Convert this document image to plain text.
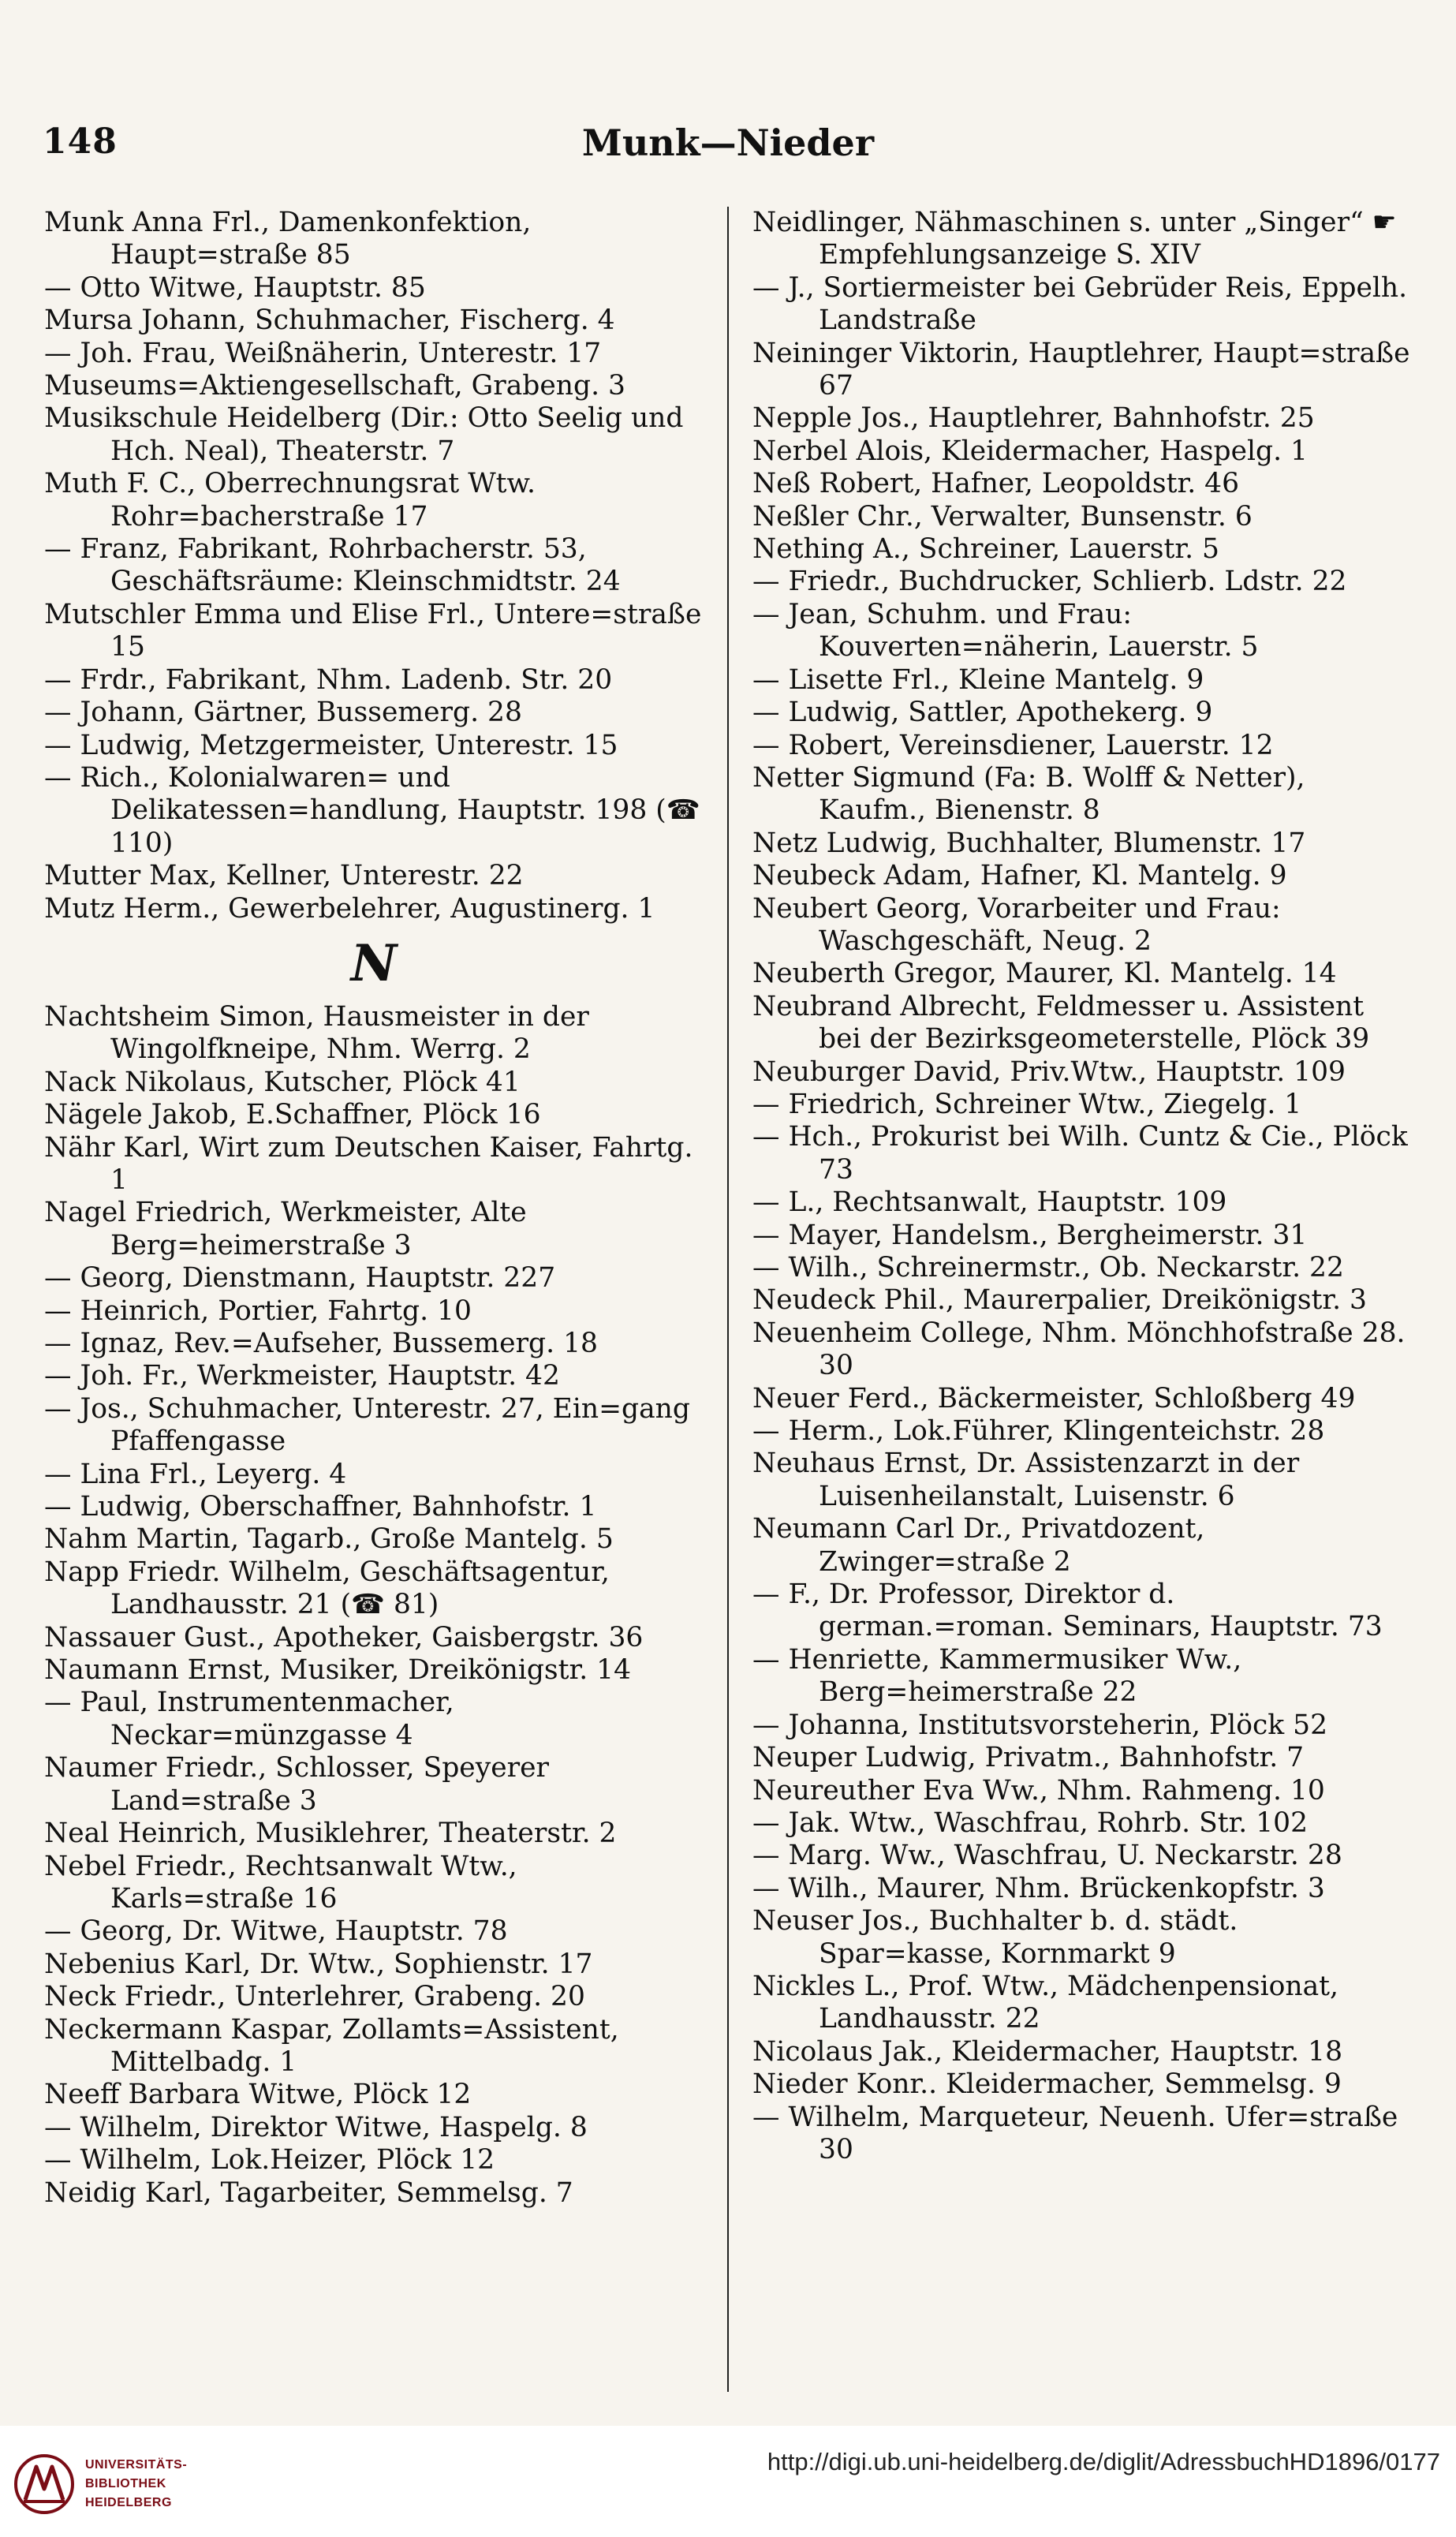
148	Munk—Nieder
Munk Anna Frl., Damenkonfektion, Haupt=straße 85
— Otto Witwe, Hauptstr. 85
Mursa Johann, Schuhmacher, Fischerg. 4
— Joh. Frau, Weißnäherin, Unterestr. 17
Museums=Aktiengesellschaft, Grabeng. 3
Musikschule Heidelberg (Dir.: Otto Seelig und Hch. Neal), Theaterstr. 7
Muth F. C., Oberrechnungsrat Wtw. Rohr=bacherstraße 17
— Franz, Fabrikant, Rohrbacherstr. 53, Geschäftsräume: Kleinschmidtstr. 24
Mutschler Emma und Elise Frl., Untere=straße 15
— Frdr., Fabrikant, Nhm. Ladenb. Str. 20
— Johann, Gärtner, Bussemerg. 28
— Ludwig, Metzgermeister, Unterestr. 15
— Rich., Kolonialwaren= und Delikatessen=handlung, Hauptstr. 198 (☎ 110)
Mutter Max, Kellner, Unterestr. 22
Mutz Herm., Gewerbelehrer, Augustinerg. 1
N
Nachtsheim Simon, Hausmeister in der Wingolfkneipe, Nhm. Werrg. 2
Nack Nikolaus, Kutscher, Plöck 41
Nägele Jakob, E.Schaffner, Plöck 16
Nähr Karl, Wirt zum Deutschen Kaiser, Fahrtg. 1
Nagel Friedrich, Werkmeister, Alte Berg=heimerstraße 3
— Georg, Dienstmann, Hauptstr. 227
— Heinrich, Portier, Fahrtg. 10
— Ignaz, Rev.=Aufseher, Bussemerg. 18
— Joh. Fr., Werkmeister, Hauptstr. 42
— Jos., Schuhmacher, Unterestr. 27, Ein=gang Pfaffengasse
— Lina Frl., Leyerg. 4
— Ludwig, Oberschaffner, Bahnhofstr. 1
Nahm Martin, Tagarb., Große Mantelg. 5
Napp Friedr. Wilhelm, Geschäftsagentur, Landhausstr. 21 (☎ 81)
Nassauer Gust., Apotheker, Gaisbergstr. 36
Naumann Ernst, Musiker, Dreikönigstr. 14
— Paul, Instrumentenmacher, Neckar=münzgasse 4
Naumer Friedr., Schlosser, Speyerer Land=straße 3
Neal Heinrich, Musiklehrer, Theaterstr. 2
Nebel Friedr., Rechtsanwalt Wtw., Karls=straße 16
— Georg, Dr. Witwe, Hauptstr. 78
Nebenius Karl, Dr. Wtw., Sophienstr. 17
Neck Friedr., Unterlehrer, Grabeng. 20
Neckermann Kaspar, Zollamts=Assistent, Mittelbadg. 1
Neeff Barbara Witwe, Plöck 12
— Wilhelm, Direktor Witwe, Haspelg. 8
— Wilhelm, Lok.Heizer, Plöck 12
Neidig Karl, Tagarbeiter, Semmelsg. 7
Neidlinger, Nähmaschinen s. unter „Singer“ ☛ Empfehlungsanzeige S. XIV
— J., Sortiermeister bei Gebrüder Reis, Eppelh. Landstraße
Neininger Viktorin, Hauptlehrer, Haupt=straße 67
Nepple Jos., Hauptlehrer, Bahnhofstr. 25
Nerbel Alois, Kleidermacher, Haspelg. 1
Neß Robert, Hafner, Leopoldstr. 46
Neßler Chr., Verwalter, Bunsenstr. 6
Nething A., Schreiner, Lauerstr. 5
— Friedr., Buchdrucker, Schlierb. Ldstr. 22
— Jean, Schuhm. und Frau: Kouverten=näherin, Lauerstr. 5
— Lisette Frl., Kleine Mantelg. 9
— Ludwig, Sattler, Apothekerg. 9
— Robert, Vereinsdiener, Lauerstr. 12
Netter Sigmund (Fa: B. Wolff & Netter), Kaufm., Bienenstr. 8
Netz Ludwig, Buchhalter, Blumenstr. 17
Neubeck Adam, Hafner, Kl. Mantelg. 9
Neubert Georg, Vorarbeiter und Frau: Waschgeschäft, Neug. 2
Neuberth Gregor, Maurer, Kl. Mantelg. 14
Neubrand Albrecht, Feldmesser u. Assistent bei der Bezirksgeometerstelle, Plöck 39
Neuburger David, Priv.Wtw., Hauptstr. 109
— Friedrich, Schreiner Wtw., Ziegelg. 1
— Hch., Prokurist bei Wilh. Cuntz & Cie., Plöck 73
— L., Rechtsanwalt, Hauptstr. 109
— Mayer, Handelsm., Bergheimerstr. 31
— Wilh., Schreinermstr., Ob. Neckarstr. 22
Neudeck Phil., Maurerpalier, Dreikönigstr. 3
Neuenheim College, Nhm. Mönchhofstraße 28. 30
Neuer Ferd., Bäckermeister, Schloßberg 49
— Herm., Lok.Führer, Klingenteichstr. 28
Neuhaus Ernst, Dr. Assistenzarzt in der Luisenheilanstalt, Luisenstr. 6
Neumann Carl Dr., Privatdozent, Zwinger=straße 2
— F., Dr. Professor, Direktor d. german.=roman. Seminars, Hauptstr. 73
— Henriette, Kammermusiker Ww., Berg=heimerstraße 22
— Johanna, Institutsvorsteherin, Plöck 52
Neuper Ludwig, Privatm., Bahnhofstr. 7
Neureuther Eva Ww., Nhm. Rahmeng. 10
— Jak. Wtw., Waschfrau, Rohrb. Str. 102
— Marg. Ww., Waschfrau, U. Neckarstr. 28
— Wilh., Maurer, Nhm. Brückenkopfstr. 3
Neuser Jos., Buchhalter b. d. städt. Spar=kasse, Kornmarkt 9
Nickles L., Prof. Wtw., Mädchenpensionat, Landhausstr. 22
Nicolaus Jak., Kleidermacher, Hauptstr. 18
Nieder Konr.. Kleidermacher, Semmelsg. 9
— Wilhelm, Marqueteur, Neuenh. Ufer=straße 30
UNIVERSITÄTS-
BIBLIOTHEK
HEIDELBERG
http://digi.ub.uni-heidelberg.de/diglit/AdressbuchHD1896/0177
